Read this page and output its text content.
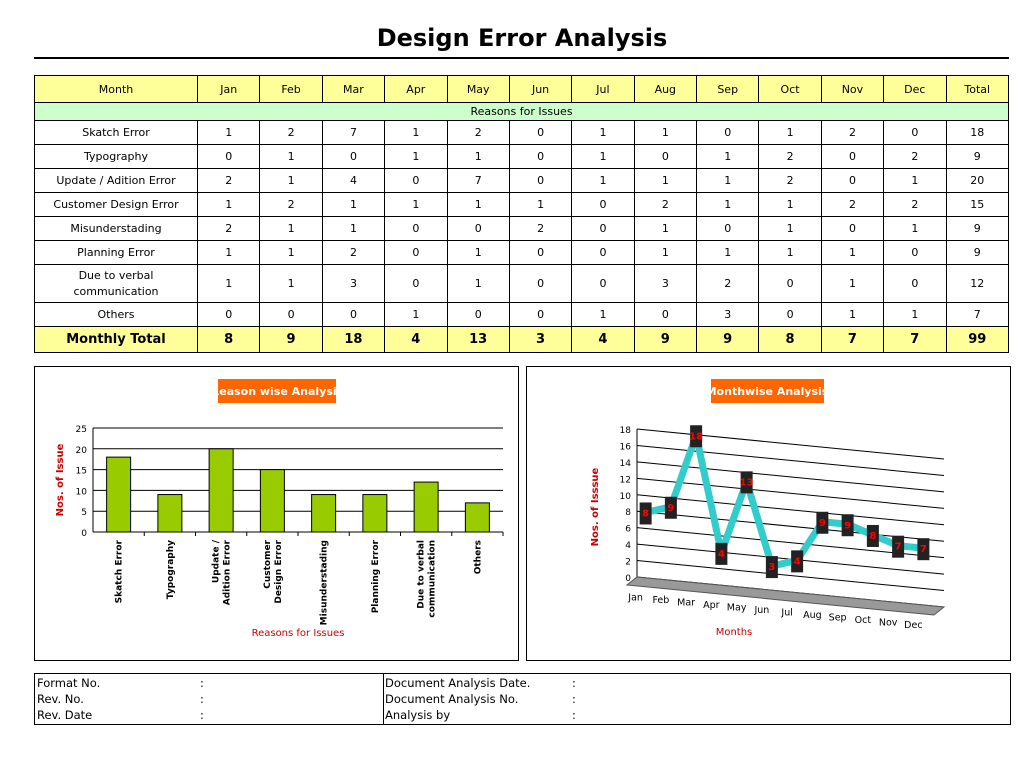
Design Error Analysis
Month	Jan	Feb	Mar	Apr	May	Jun	Jul	Aug	Sep	Oct	Nov	Dec	Total
Reasons for Issues													
Skatch Error	1	2	7	1	2	0	1	1	0	1	2	0	18
Typography	0	1	0	1	1	0	1	0	1	2	0	2	9
Update / Adition Error	2	1	4	0	7	0	1	1	1	2	0	1	20
Customer Design Error	1	2	1	1	1	1	0	2	1	1	2	2	15
Misunderstading	2	1	1	0	0	2	0	1	0	1	0	1	9
Planning Error	1	1	2	0	1	0	0	1	1	1	1	0	9
Due to verbal communication	1	1	3	0	1	0	0	3	2	0	1	0	12
Others	0	0	0	1	0	0	1	0	3	0	1	1	7
Monthly Total	8	9	18	4	13	3	4	9	9	8	7	7	99
Reason wise Analysis
0
5
10
15
20
25
Skatch Error	Typography	Update /Adition Error	CustomerDesign Error	Misunderstading	Planning Error	Due to verbalcommunication	Others
Nos. of Issue
Reasons for Issues
Monthwise Analysis
0
2
4
6
8
10
12
14
16
18
8
9
18
4
13
3
4
9 9
8
7 7
Jan Feb Mar Apr May Jun Jul Aug Sep Oct Nov Dec
Nos. of Isssue
Months
Format No.	:
Rev. No.	:
Rev. Date	:
Document Analysis Date.	:
Document Analysis No.	:
Analysis by	:
